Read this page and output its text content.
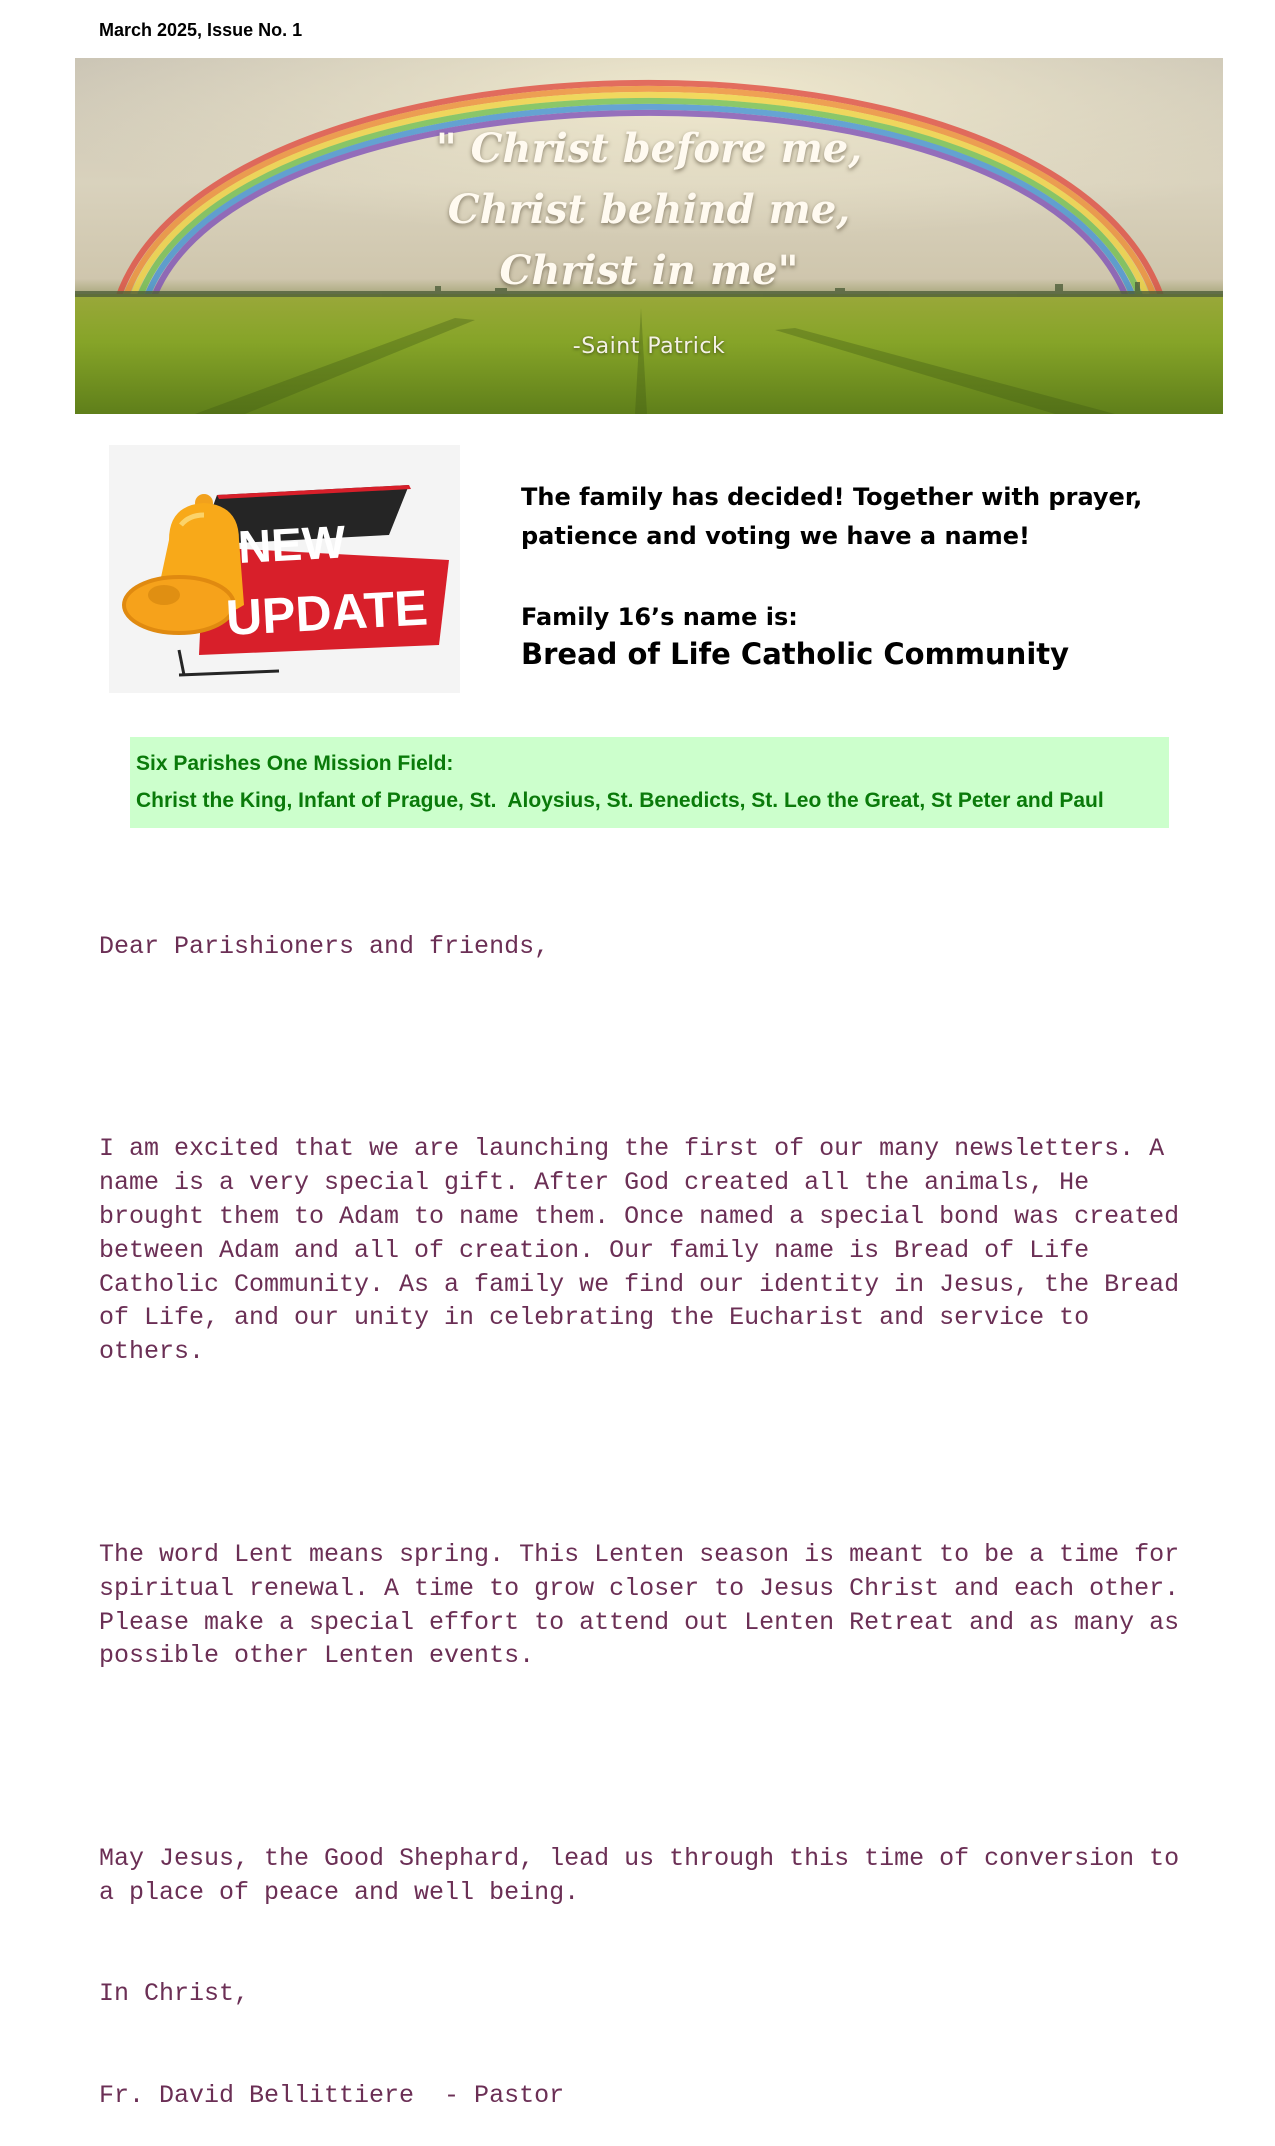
March 2025, Issue No. 1
" Christ before me,
Christ behind me,
Christ in me"
-Saint Patrick
NEW
UPDATE
The family has decided! Together with prayer,
patience and voting we have a name!
Family 16’s name is:
Bread of Life Catholic Community
Six Parishes One Mission Field:
Christ the King, Infant of Prague, St.  Aloysius, St. Benedicts, St. Leo the Great, St Peter and Paul

Dear Parishioners and friends,

I am excited that we are launching the first of our many newsletters. A name is a very special gift. After God created all the animals, He brought them to Adam to name them. Once named a special bond was created between Adam and all of creation. Our family name is Bread of Life Catholic Community. As a family we find our identity in Jesus, the Bread of Life, and our unity in celebrating the Eucharist and service to others.

The word Lent means spring. This Lenten season is meant to be a time for spiritual renewal. A time to grow closer to Jesus Christ and each other. Please make a special effort to attend out Lenten Retreat and as many as possible other Lenten events.

May Jesus, the Good Shephard, lead us through this time of conversion to a place of peace and well being.

In Christ,

Fr. David Bellittiere  - Pastor
